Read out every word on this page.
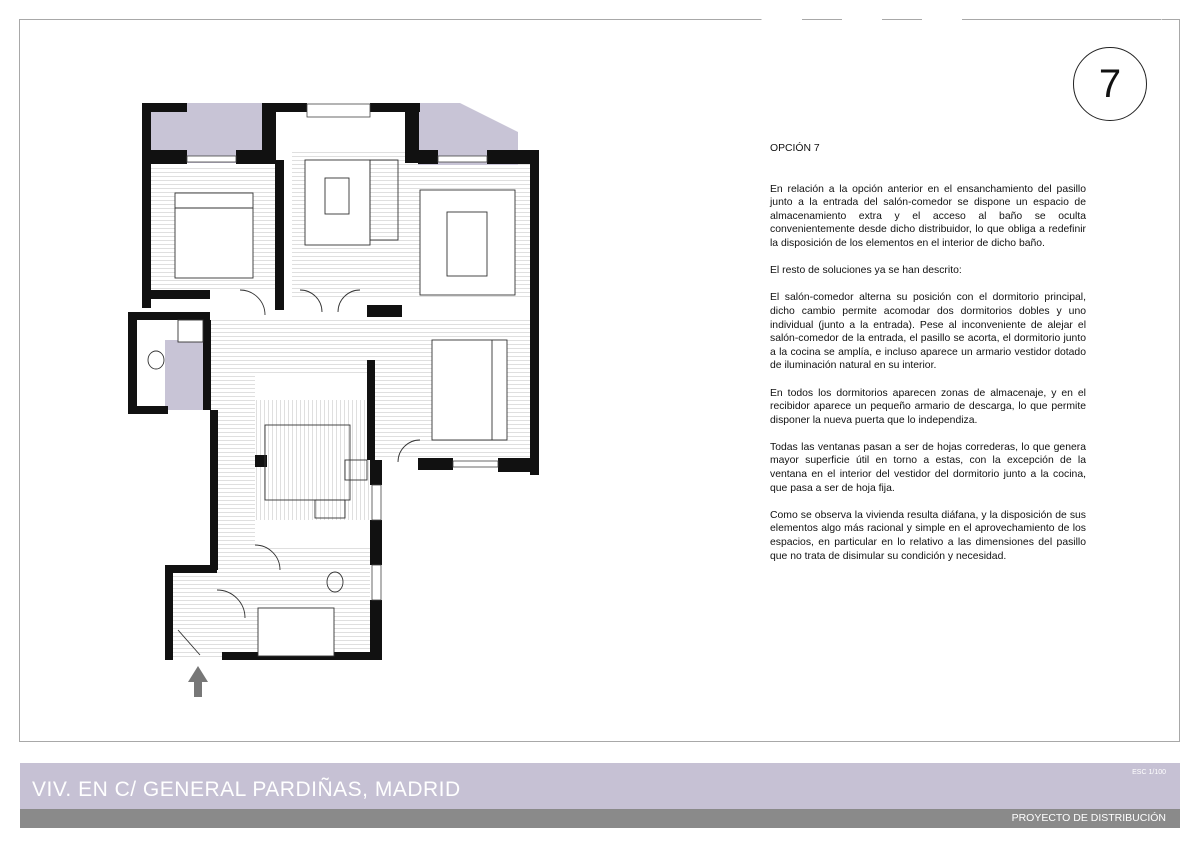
7

OPCIÓN 7

En relación a la opción anterior en el ensanchamiento del pasillo junto a la entrada del salón-comedor se dispone un espacio de almacenamiento extra y el acceso al baño se oculta convenientemente desde dicho distribuidor, lo que obliga a redefinir la disposición de los elementos en el interior de dicho baño.

El resto de soluciones ya se han descrito:

El salón-comedor alterna su posición con el dormitorio principal, dicho cambio permite acomodar dos dormitorios dobles y uno individual (junto a la entrada). Pese al inconveniente de alejar el salón-comedor de la entrada, el pasillo se acorta, el dormitorio junto a la cocina se amplía, e incluso aparece un armario vestidor dotado de iluminación natural en su interior.

En todos los dormitorios aparecen zonas de almacenaje, y en el recibidor aparece un pequeño armario de descarga, lo que permite disponer la nueva puerta que lo independiza.

Todas las ventanas pasan a ser de hojas correderas, lo que genera mayor superficie útil en torno a estas, con la excepción de la ventana en el interior del vestidor del dormitorio junto a la cocina, que pasa a ser de hoja fija.

Como se observa la vivienda resulta diáfana, y la disposición de sus elementos algo más racional y simple en el aprovechamiento de los espacios, en particular en lo relativo a las dimensiones del pasillo que no trata de disimular su condición y necesidad.

VIV. EN C/ GENERAL PARDIÑAS, MADRID
ESC 1/100
1m	2m	3m	4m	5m
PROYECTO DE DISTRIBUCIÓN
